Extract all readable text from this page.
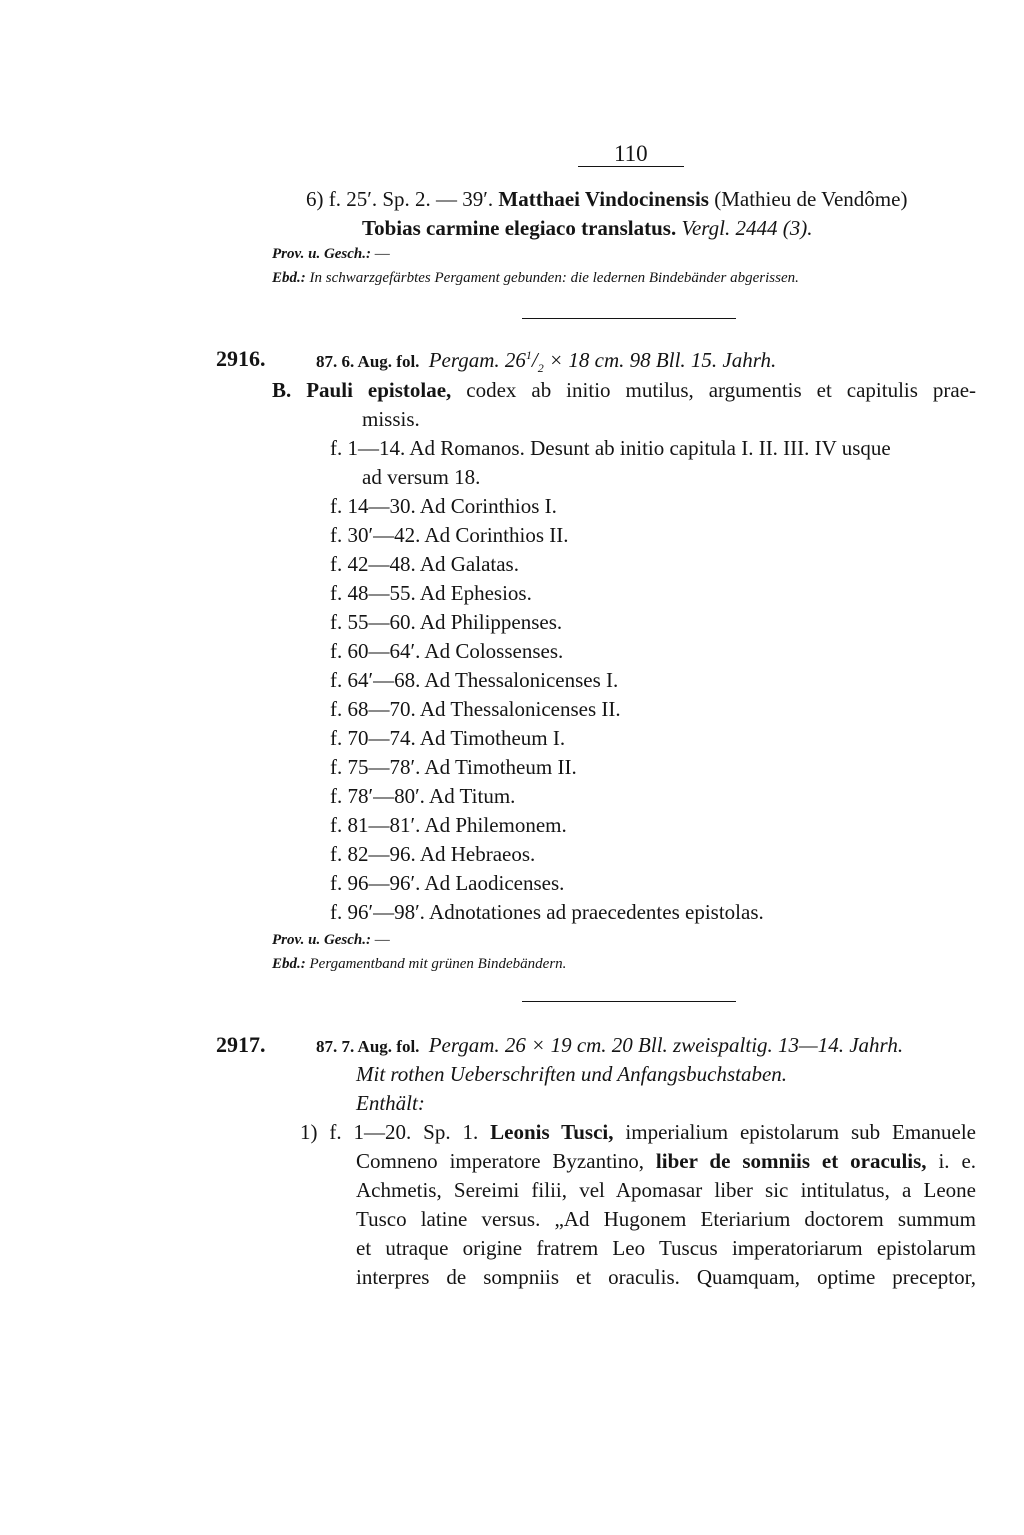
110
6) f. 25′. Sp. 2. — 39′. Matthaei Vindocinensis (Mathieu de Vendôme)
Tobias carmine elegiaco translatus. Vergl. 2444 (3).
Prov. u. Gesch.: —
Ebd.: In schwarzgefärbtes Pergament gebunden: die ledernen Bindebänder abgerissen.
2916.	87. 6. Aug. fol. Pergam. $26^1/_2 \times 18$ cm. 98 Bll. 15. Jahrh.
B. Pauli epistolae, codex ab initio mutilus, argumentis et capitulis prae-
missis.
f. 1—14. Ad Romanos. Desunt ab initio capitula I. II. III. IV usque
ad versum 18.
f. 14—30. Ad Corinthios I.
f. 30′—42. Ad Corinthios II.
f. 42—48. Ad Galatas.
f. 48—55. Ad Ephesios.
f. 55—60. Ad Philippenses.
f. 60—64′. Ad Colossenses.
f. 64′—68. Ad Thessalonicenses I.
f. 68—70. Ad Thessalonicenses II.
f. 70—74. Ad Timotheum I.
f. 75—78′. Ad Timotheum II.
f. 78′—80′. Ad Titum.
f. 81—81′. Ad Philemonem.
f. 82—96. Ad Hebraeos.
f. 96—96′. Ad Laodicenses.
f. 96′—98′. Adnotationes ad praecedentes epistolas.
Prov. u. Gesch.: —
Ebd.: Pergamentband mit grünen Bindebändern.
2917.	87. 7. Aug. fol. Pergam. 26 × 19 cm. 20 Bll. zweispaltig. 13—14. Jahrh.
Mit rothen Ueberschriften und Anfangsbuchstaben.
Enthält:
1) f. 1—20. Sp. 1. Leonis Tusci, imperialium epistolarum sub Emanuele
Comneno imperatore Byzantino, liber de somniis et oraculis, i. e.
Achmetis, Sereimi filii, vel Apomasar liber sic intitulatus, a Leone
Tusco latine versus. „Ad Hugonem Eteriarium doctorem summum
et utraque origine fratrem Leo Tuscus imperatoriarum epistolarum
interpres de sompniis et oraculis. Quamquam, optime preceptor,
